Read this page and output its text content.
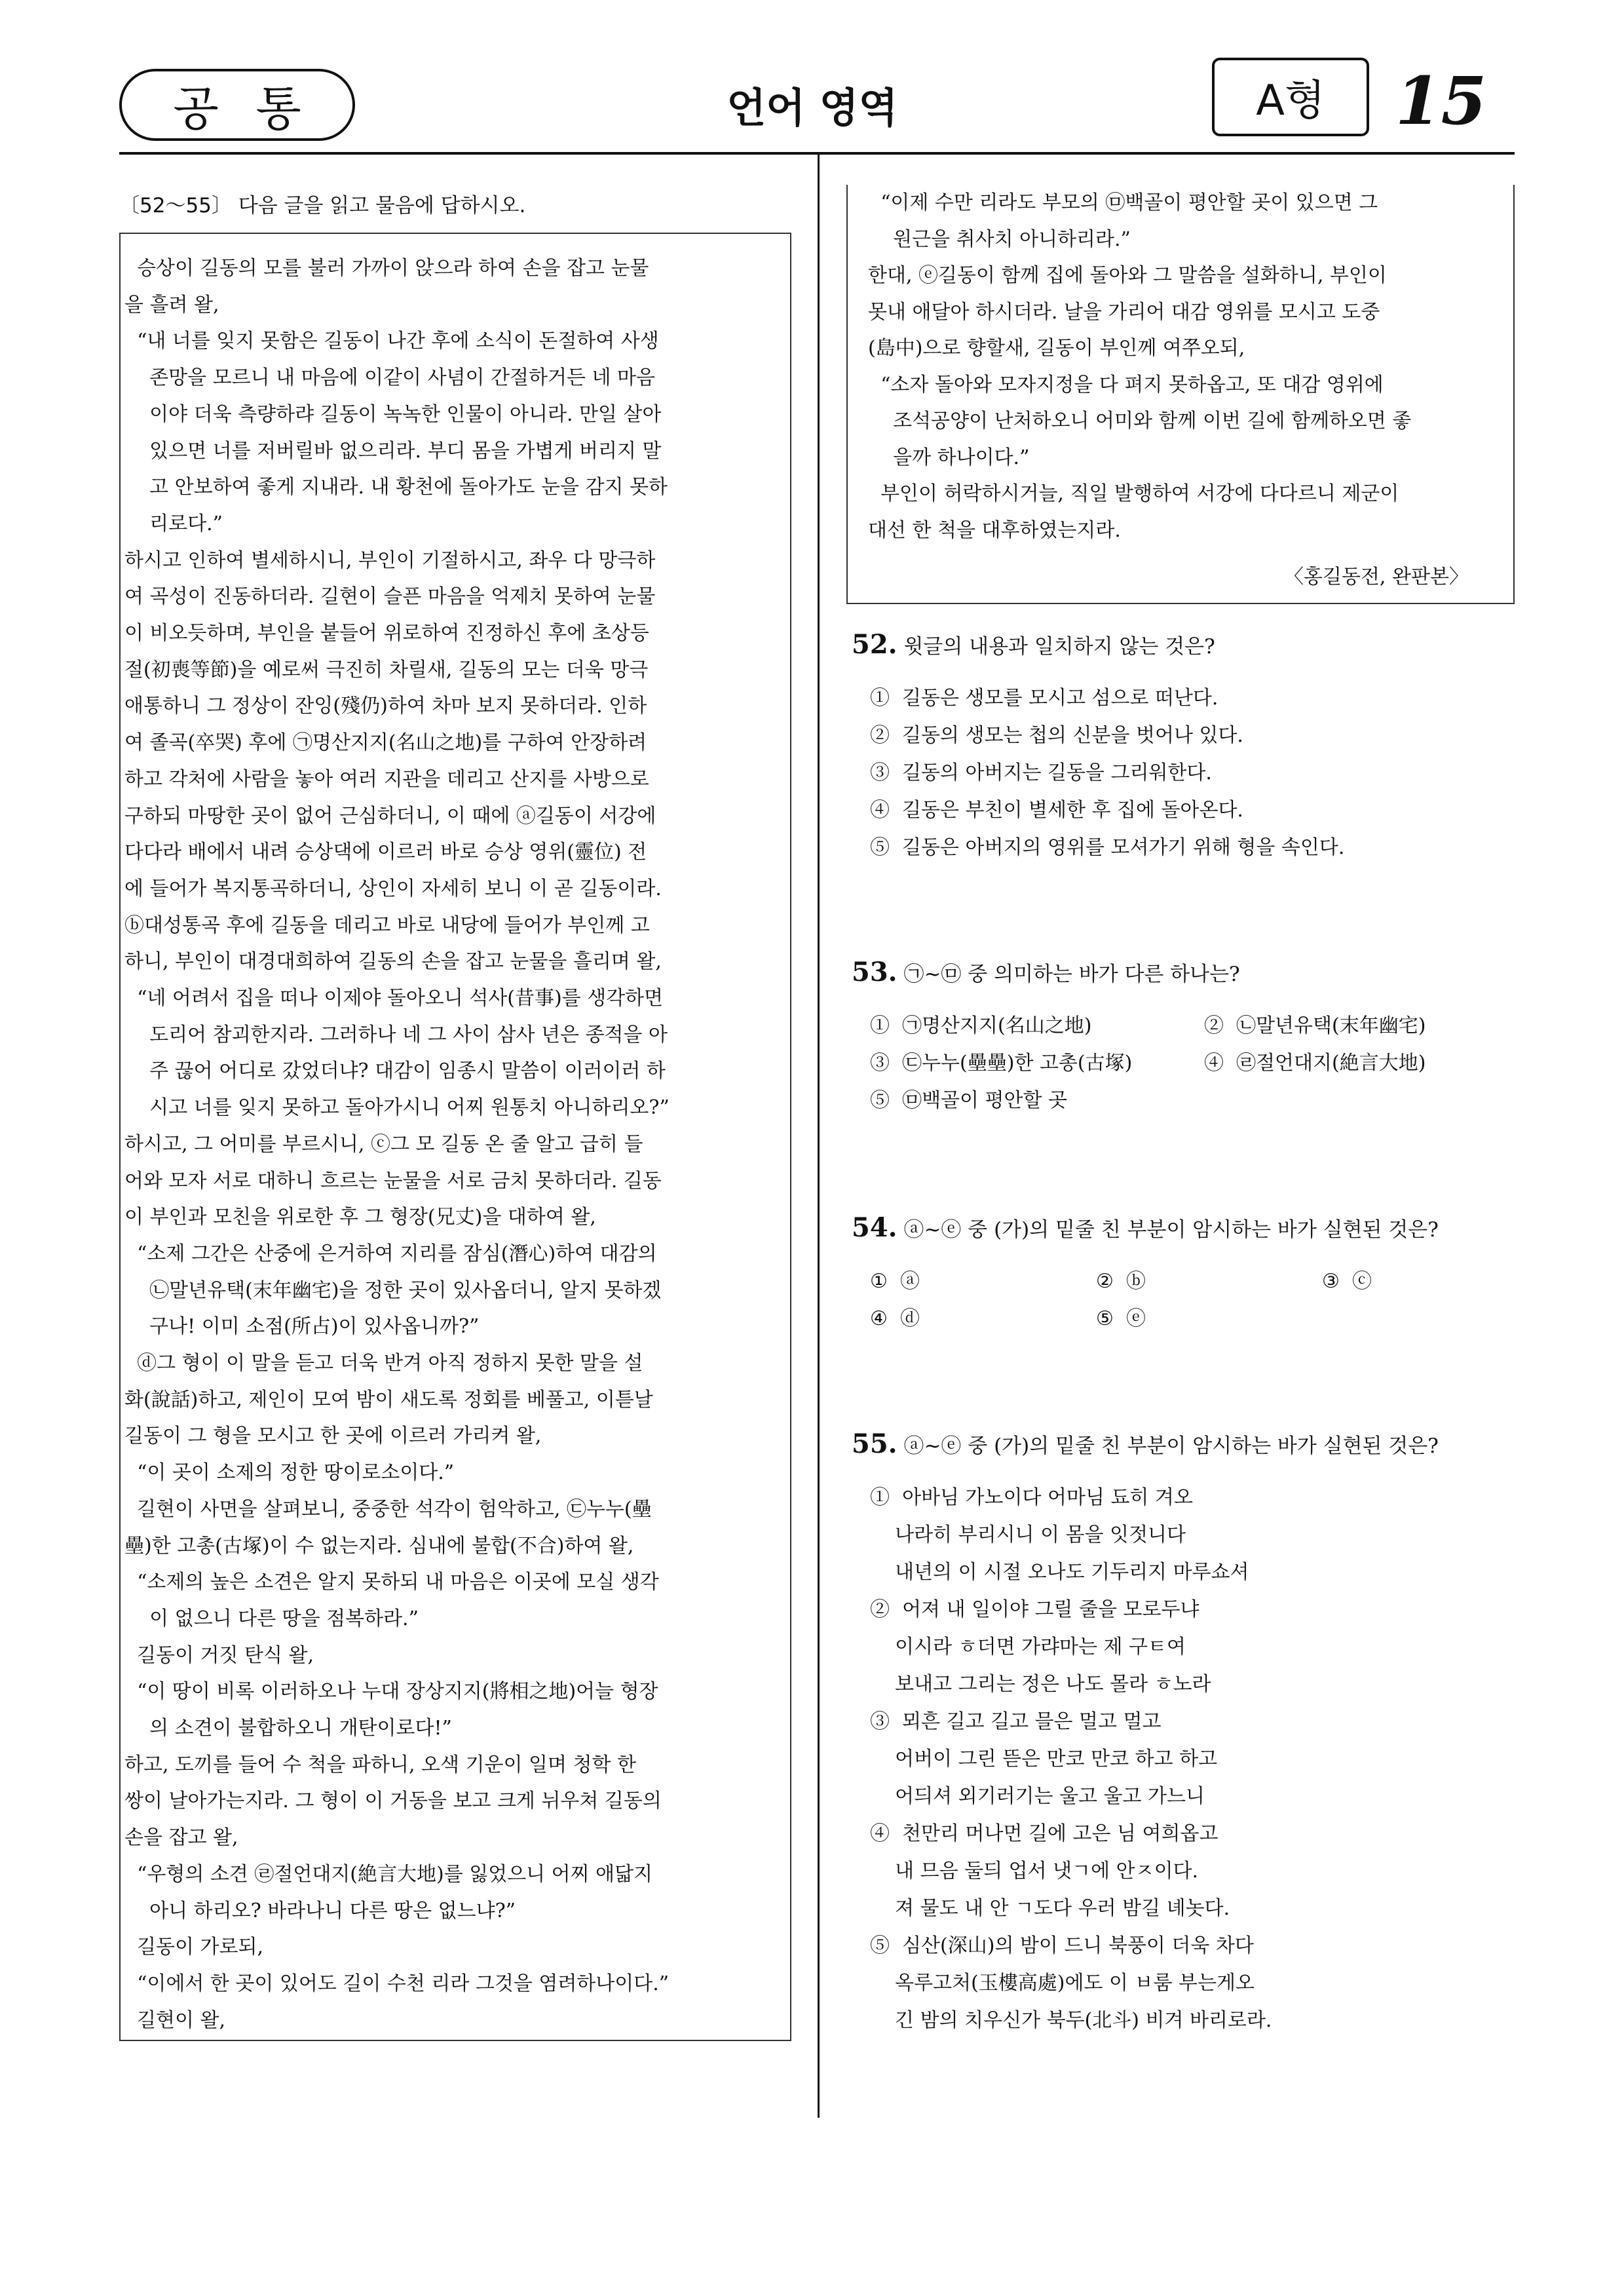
공 통	언어 영역	A형	15
〔52～55〕 다음 글을 읽고 물음에 답하시오.
승상이 길동의 모를 불러 가까이 앉으라 하여 손을 잡고 눈물
을 흘려 왈,
“내 너를 잊지 못함은 길동이 나간 후에 소식이 돈절하여 사생
존망을 모르니 내 마음에 이같이 사념이 간절하거든 네 마음
이야 더욱 측량하랴 길동이 녹녹한 인물이 아니라. 만일 살아
있으면 너를 저버릴바 없으리라. 부디 몸을 가볍게 버리지 말
고 안보하여 좋게 지내라. 내 황천에 돌아가도 눈을 감지 못하
리로다.”
하시고 인하여 별세하시니, 부인이 기절하시고, 좌우 다 망극하
여 곡성이 진동하더라. 길현이 슬픈 마음을 억제치 못하여 눈물
이 비오듯하며, 부인을 붙들어 위로하여 진정하신 후에 초상등
절(初喪等節)을 예로써 극진히 차릴새, 길동의 모는 더욱 망극
애통하니 그 정상이 잔잉(殘仍)하여 차마 보지 못하더라. 인하
여 졸곡(卒哭) 후에 ㉠명산지지(名山之地)를 구하여 안장하려
하고 각처에 사람을 놓아 여러 지관을 데리고 산지를 사방으로
구하되 마땅한 곳이 없어 근심하더니, 이 때에 ⓐ길동이 서강에
다다라 배에서 내려 승상댁에 이르러 바로 승상 영위(靈位) 전
에 들어가 복지통곡하더니, 상인이 자세히 보니 이 곧 길동이라.
ⓑ대성통곡 후에 길동을 데리고 바로 내당에 들어가 부인께 고
하니, 부인이 대경대희하여 길동의 손을 잡고 눈물을 흘리며 왈,
“네 어려서 집을 떠나 이제야 돌아오니 석사(昔事)를 생각하면
도리어 참괴한지라. 그러하나 네 그 사이 삼사 년은 종적을 아
주 끊어 어디로 갔었더냐? 대감이 임종시 말씀이 이러이러 하
시고 너를 잊지 못하고 돌아가시니 어찌 원통치 아니하리오?”
하시고, 그 어미를 부르시니, ⓒ그 모 길동 온 줄 알고 급히 들
어와 모자 서로 대하니 흐르는 눈물을 서로 금치 못하더라. 길동
이 부인과 모친을 위로한 후 그 형장(兄丈)을 대하여 왈,
“소제 그간은 산중에 은거하여 지리를 잠심(潛心)하여 대감의
㉡말년유택(末年幽宅)을 정한 곳이 있사옵더니, 알지 못하겠
구나! 이미 소점(所占)이 있사옵니까?”
ⓓ그 형이 이 말을 듣고 더욱 반겨 아직 정하지 못한 말을 설
화(說話)하고, 제인이 모여 밤이 새도록 정회를 베풀고, 이튿날
길동이 그 형을 모시고 한 곳에 이르러 가리켜 왈,
“이 곳이 소제의 정한 땅이로소이다.”
길현이 사면을 살펴보니, 중중한 석각이 험악하고, ㉢누누(壘
壘)한 고총(古塚)이 수 없는지라. 심내에 불합(不合)하여 왈,
“소제의 높은 소견은 알지 못하되 내 마음은 이곳에 모실 생각
이 없으니 다른 땅을 점복하라.”
길동이 거짓 탄식 왈,
“이 땅이 비록 이러하오나 누대 장상지지(將相之地)어늘 형장
의 소견이 불합하오니 개탄이로다!”
하고, 도끼를 들어 수 척을 파하니, 오색 기운이 일며 청학 한
쌍이 날아가는지라. 그 형이 이 거동을 보고 크게 뉘우쳐 길동의
손을 잡고 왈,
“우형의 소견 ㉣절언대지(絶言大地)를 잃었으니 어찌 애닯지
아니 하리오? 바라나니 다른 땅은 없느냐?”
길동이 가로되,
“이에서 한 곳이 있어도 길이 수천 리라 그것을 염려하나이다.”
길현이 왈,
“이제 수만 리라도 부모의 ㉤백골이 평안할 곳이 있으면 그
원근을 취사치 아니하리라.”
한대, ⓔ길동이 함께 집에 돌아와 그 말씀을 설화하니, 부인이
못내 애달아 하시더라. 날을 가리어 대감 영위를 모시고 도중
(島中)으로 향할새, 길동이 부인께 여쭈오되,
“소자 돌아와 모자지정을 다 펴지 못하옵고, 또 대감 영위에
조석공양이 난처하오니 어미와 함께 이번 길에 함께하오면 좋
을까 하나이다.”
부인이 허락하시거늘, 직일 발행하여 서강에 다다르니 제군이
대선 한 척을 대후하였는지라.
〈홍길동전, 완판본〉
52. 윗글의 내용과 일치하지 않는 것은?
①  길동은 생모를 모시고 섬으로 떠난다.
②  길동의 생모는 첩의 신분을 벗어나 있다.
③  길동의 아버지는 길동을 그리워한다.
④  길동은 부친이 별세한 후 집에 돌아온다.
⑤  길동은 아버지의 영위를 모셔가기 위해 형을 속인다.
53. ㉠~㉤ 중 의미하는 바가 다른 하나는?
①  ㉠명산지지(名山之地)	②  ㉡말년유택(末年幽宅)
③  ㉢누누(壘壘)한 고총(古塚)	④  ㉣절언대지(絶言大地)
⑤  ㉤백골이 평안할 곳
54. ⓐ~ⓔ 중 (가)의 밑줄 친 부분이 암시하는 바가 실현된 것은?
①  ⓐ	②  ⓑ	③  ⓒ
④  ⓓ	⑤  ⓔ
55. ⓐ~ⓔ 중 (가)의 밑줄 친 부분이 암시하는 바가 실현된 것은?
①  아바님 가노이다 어마님 됴히 겨오
나라히 부리시니 이 몸을 잇젓니다
내년의 이 시절 오나도 기두리지 마루쇼셔
②  어져 내 일이야 그릴 줄을 모로두냐
이시라 ㅎ더면 가랴마는 제 구ㅌ여
보내고 그리는 정은 나도 몰라 ㅎ노라
③  뫼흔 길고 길고 믈은 멀고 멀고
어버이 그린 뜯은 만코 만코 하고 하고
어듸셔 외기러기는 울고 울고 가느니
④  천만리 머나먼 길에 고은 님 여희옵고
내 므음 둘듸 업서 냇ㄱ에 안ㅈ이다.
져 물도 내 안 ㄱ도다 우러 밤길 녜놋다.
⑤  심산(深山)의 밤이 드니 북풍이 더욱 차다
옥루고처(玉樓高處)에도 이 ㅂ룸 부는게오
긴 밤의 치우신가 북두(北斗) 비겨 바리로라.
